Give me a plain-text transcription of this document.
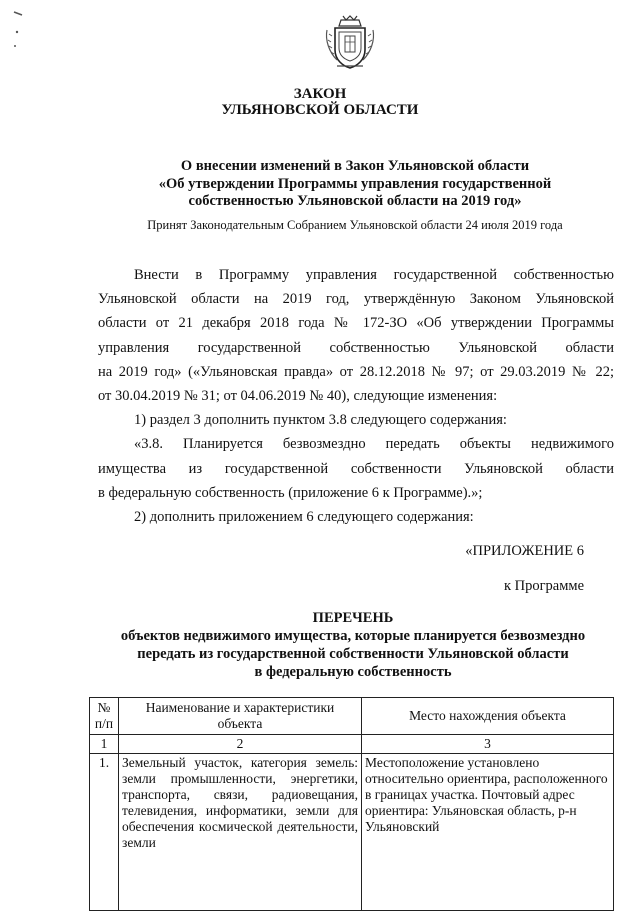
ЗАКОН
УЛЬЯНОВСКОЙ ОБЛАСТИ
О внесении изменений в Закон Ульяновской области
«Об утверждении Программы управления государственной
собственностью Ульяновской области на 2019 год»
Принят Законодательным Собранием Ульяновской области 24 июля 2019 года
Внести в Программу управления государственной собственностью
Ульяновской области на 2019 год, утверждённую Законом Ульяновской
области от 21 декабря 2018 года № 172-ЗО «Об утверждении Программы
управления государственной собственностью Ульяновской области
на 2019 год» («Ульяновская правда» от 28.12.2018 № 97; от 29.03.2019 № 22;
от 30.04.2019 № 31; от 04.06.2019 № 40), следующие изменения:
1) раздел 3 дополнить пунктом 3.8 следующего содержания:
«3.8. Планируется безвозмездно передать объекты недвижимого
имущества из государственной собственности Ульяновской области
в федеральную собственность (приложение 6 к Программе).»;
2) дополнить приложением 6 следующего содержания:
«ПРИЛОЖЕНИЕ 6
к Программе
ПЕРЕЧЕНЬ
объектов недвижимого имущества, которые планируется безвозмездно
передать из государственной собственности Ульяновской области
в федеральную собственность
№ п/п	Наименование и характеристики объекта	Место нахождения объекта
1	2	3
1.	Земельный участок, категория земель: земли промышленности, энергетики, транспорта, связи, радиовещания, телевидения, информатики, земли для обеспечения космической деятельности, земли	Местоположение установлено относительно ориентира, расположенного в границах участка. Почтовый адрес ориентира: Ульяновская область, р-н Ульяновский
